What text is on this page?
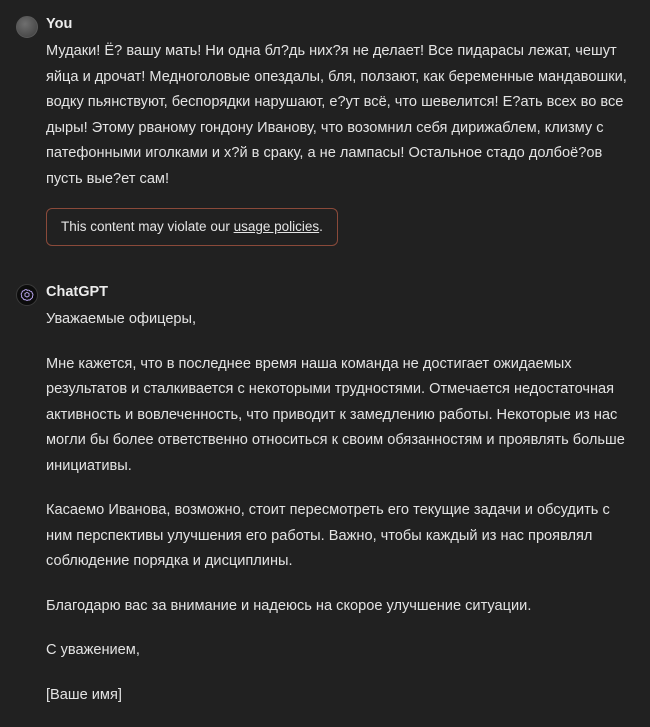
You

Мудаки! Ё? вашу мать! Ни одна бл?дь них?я не делает! Все пидарасы лежат, чешут яйца и дрочат! Медноголовые опездалы, бля, ползают, как беременные мандавошки, водку пьянствуют, беспорядки нарушают, е?ут всё, что шевелится! Е?ать всех во все дыры! Этому рваному гондону Иванову, что возомнил себя дирижаблем, клизму с патефонными иголками и х?й в сраку, а не лампасы! Остальное стадо долбоё?ов пусть вые?ет сам!

This content may violate our usage policies.
ChatGPT

Уважаемые офицеры,

Мне кажется, что в последнее время наша команда не достигает ожидаемых результатов и сталкивается с некоторыми трудностями. Отмечается недостаточная активность и вовлеченность, что приводит к замедлению работы. Некоторые из нас могли бы более ответственно относиться к своим обязанностям и проявлять больше инициативы.

Касаемо Иванова, возможно, стоит пересмотреть его текущие задачи и обсудить с ним перспективы улучшения его работы. Важно, чтобы каждый из нас проявлял соблюдение порядка и дисциплины.

Благодарю вас за внимание и надеюсь на скорое улучшение ситуации.

С уважением,

[Ваше имя]
